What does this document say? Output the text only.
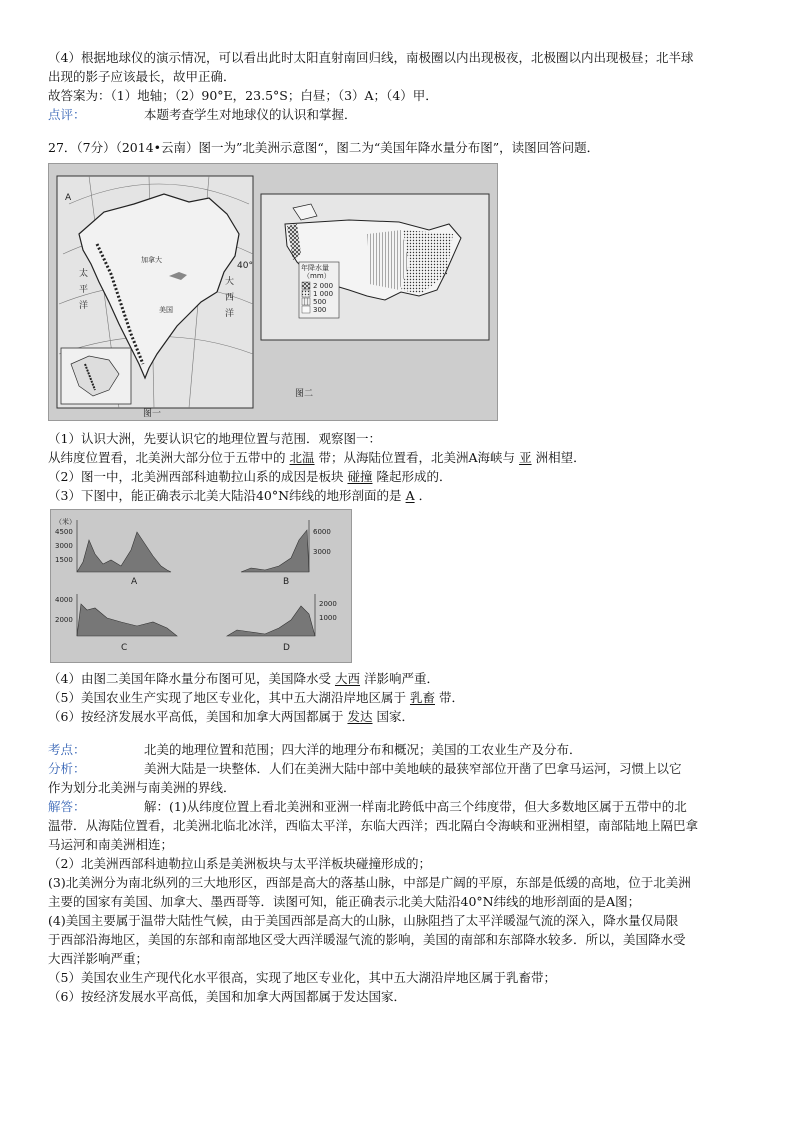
（4）根据地球仪的演示情况，可以看出此时太阳直射南回归线，南极圈以内出现极夜，北极圈以内出现极昼；北半球

出现的影子应该最长，故甲正确．

故答案为：（1）地轴；（2）90°E，23.5°S；白昼；（3）A；（4）甲．

点评：	本题考查学生对地球仪的认识和掌握．

27．（7分）（2014•云南）图一为”北美洲示意图“，图二为“美国年降水量分布图”，读图回答问题．

A
太
平
洋
加拿大
美国
大
西
洋
40°
图一
年降水量
（mm）
2 000
1 000
500
300
图二

（1）认识大洲，先要认识它的地理位置与范围．观察图一：

从纬度位置看，北美洲大部分位于五带中的 北温 带；从海陆位置看，北美洲A海峡与 亚 洲相望．

（2）图一中，北美洲西部科迪勒拉山系的成因是板块 碰撞 隆起形成的．

（3）下图中，能正确表示北美大陆沿40°N纬线的地形剖面的是 A ．

（米）
4500
3000
1500
A
6000
3000
B
4000
2000
C
2000
1000
D

（4）由图二美国年降水量分布图可见，美国降水受 大西 洋影响严重．

（5）美国农业生产实现了地区专业化，其中五大湖沿岸地区属于 乳畜 带．

（6）按经济发展水平高低，美国和加拿大两国都属于 发达 国家．

考点：	北美的地理位置和范围；四大洋的地理分布和概况；美国的工农业生产及分布．

分析：	美洲大陆是一块整体．人们在美洲大陆中部中美地峡的最狭窄部位开凿了巴拿马运河，习惯上以它

作为划分北美洲与南美洲的界线．

解答：	解：(1)从纬度位置上看北美洲和亚洲一样南北跨低中高三个纬度带，但大多数地区属于五带中的北

温带．从海陆位置看，北美洲北临北冰洋，西临太平洋，东临大西洋；西北隔白令海峡和亚洲相望，南部陆地上隔巴拿

马运河和南美洲相连；

（2）北美洲西部科迪勒拉山系是美洲板块与太平洋板块碰撞形成的；

(3)北美洲分为南北纵列的三大地形区，西部是高大的落基山脉，中部是广阔的平原，东部是低缓的高地，位于北美洲

主要的国家有美国、加拿大、墨西哥等．读图可知，能正确表示北美大陆沿40°N纬线的地形剖面的是A图；

(4)美国主要属于温带大陆性气候，由于美国西部是高大的山脉，山脉阻挡了太平洋暖湿气流的深入，降水量仅局限

于西部沿海地区，美国的东部和南部地区受大西洋暖湿气流的影响，美国的南部和东部降水较多．所以，美国降水受

大西洋影响严重；

（5）美国农业生产现代化水平很高，实现了地区专业化，其中五大湖沿岸地区属于乳畜带；

（6）按经济发展水平高低，美国和加拿大两国都属于发达国家．
